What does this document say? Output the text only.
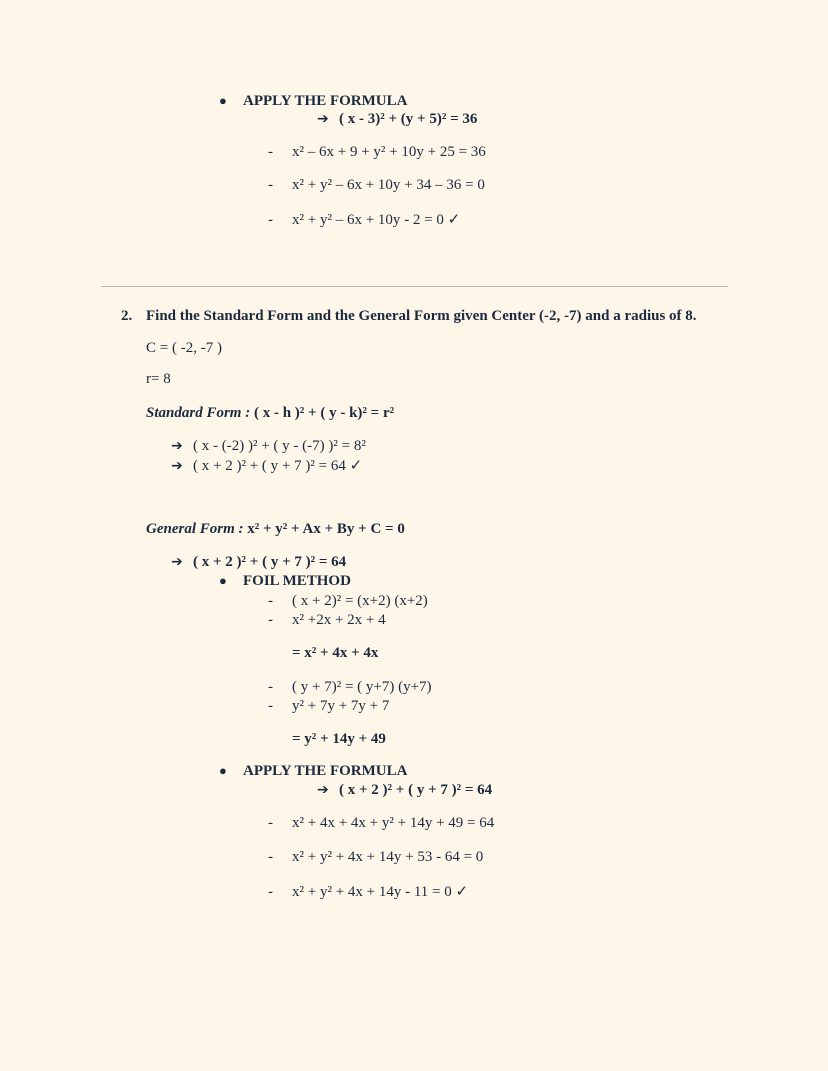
● APPLY THE FORMULA
➔ ( x - 3)² + (y + 5)² = 36
- x² – 6x + 9 + y² + 10y + 25 = 36
- x² + y² – 6x + 10y + 34 – 36 = 0
- x² + y² – 6x + 10y - 2 = 0 ✓
2. Find the Standard Form and the General Form given Center (-2, -7) and a radius of 8.
C = ( -2, -7 )
r= 8
Standard Form : ( x - h )² + ( y - k)² = r²
➔ ( x - (-2) )² + ( y - (-7) )² = 8²
➔ ( x + 2 )² + ( y + 7 )² = 64 ✓
General Form : x² + y² + Ax + By + C = 0
➔ ( x + 2 )² + ( y + 7 )² = 64
● FOIL METHOD
- ( x + 2)² = (x+2) (x+2)
- x² +2x + 2x + 4
= x² + 4x + 4x
- ( y + 7)² = ( y+7) (y+7)
- y² + 7y + 7y + 7
= y² + 14y + 49
● APPLY THE FORMULA
➔ ( x + 2 )² + ( y + 7 )² = 64
- x² + 4x + 4x + y² + 14y + 49 = 64
- x² + y² + 4x + 14y + 53 - 64 = 0
- x² + y² + 4x + 14y - 11 = 0 ✓
